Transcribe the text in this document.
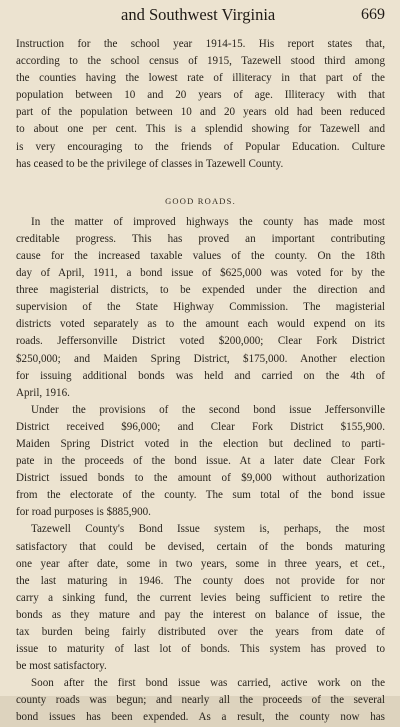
and Southwest Virginia	669
Instruction for the school year 1914-15. His report states that,
according to the school census of 1915, Tazewell stood third among
the counties having the lowest rate of illiteracy in that part of the
population between 10 and 20 years of age. Illiteracy with that
part of the population between 10 and 20 years old had been reduced
to about one per cent. This is a splendid showing for Tazewell and
is very encouraging to the friends of Popular Education. Culture
has ceased to be the privilege of classes in Tazewell County.
GOOD ROADS.
In the matter of improved highways the county has made most
creditable progress. This has proved an important contributing
cause for the increased taxable values of the county. On the 18th
day of April, 1911, a bond issue of $625,000 was voted for by the
three magisterial districts, to be expended under the direction and
supervision of the State Highway Commission. The magisterial
districts voted separately as to the amount each would expend on its
roads. Jeffersonville District voted $200,000; Clear Fork District
$250,000; and Maiden Spring District, $175,000. Another election
for issuing additional bonds was held and carried on the 4th of
April, 1916.
Under the provisions of the second bond issue Jeffersonville
District received $96,000; and Clear Fork District $155,900.
Maiden Spring District voted in the election but declined to parti-
pate in the proceeds of the bond issue. At a later date Clear Fork
District issued bonds to the amount of $9,000 without authorization
from the electorate of the county. The sum total of the bond issue
for road purposes is $885,900.
Tazewell County's Bond Issue system is, perhaps, the most
satisfactory that could be devised, certain of the bonds maturing
one year after date, some in two years, some in three years, et cet.,
the last maturing in 1946. The county does not provide for nor
carry a sinking fund, the current levies being sufficient to retire the
bonds as they mature and pay the interest on balance of issue, the
tax burden being fairly distributed over the years from date of
issue to maturity of last lot of bonds. This system has proved to
be most satisfactory.
Soon after the first bond issue was carried, active work on the
county roads was begun; and nearly all the proceeds of the several
bond issues has been expended. As a result, the county now has
